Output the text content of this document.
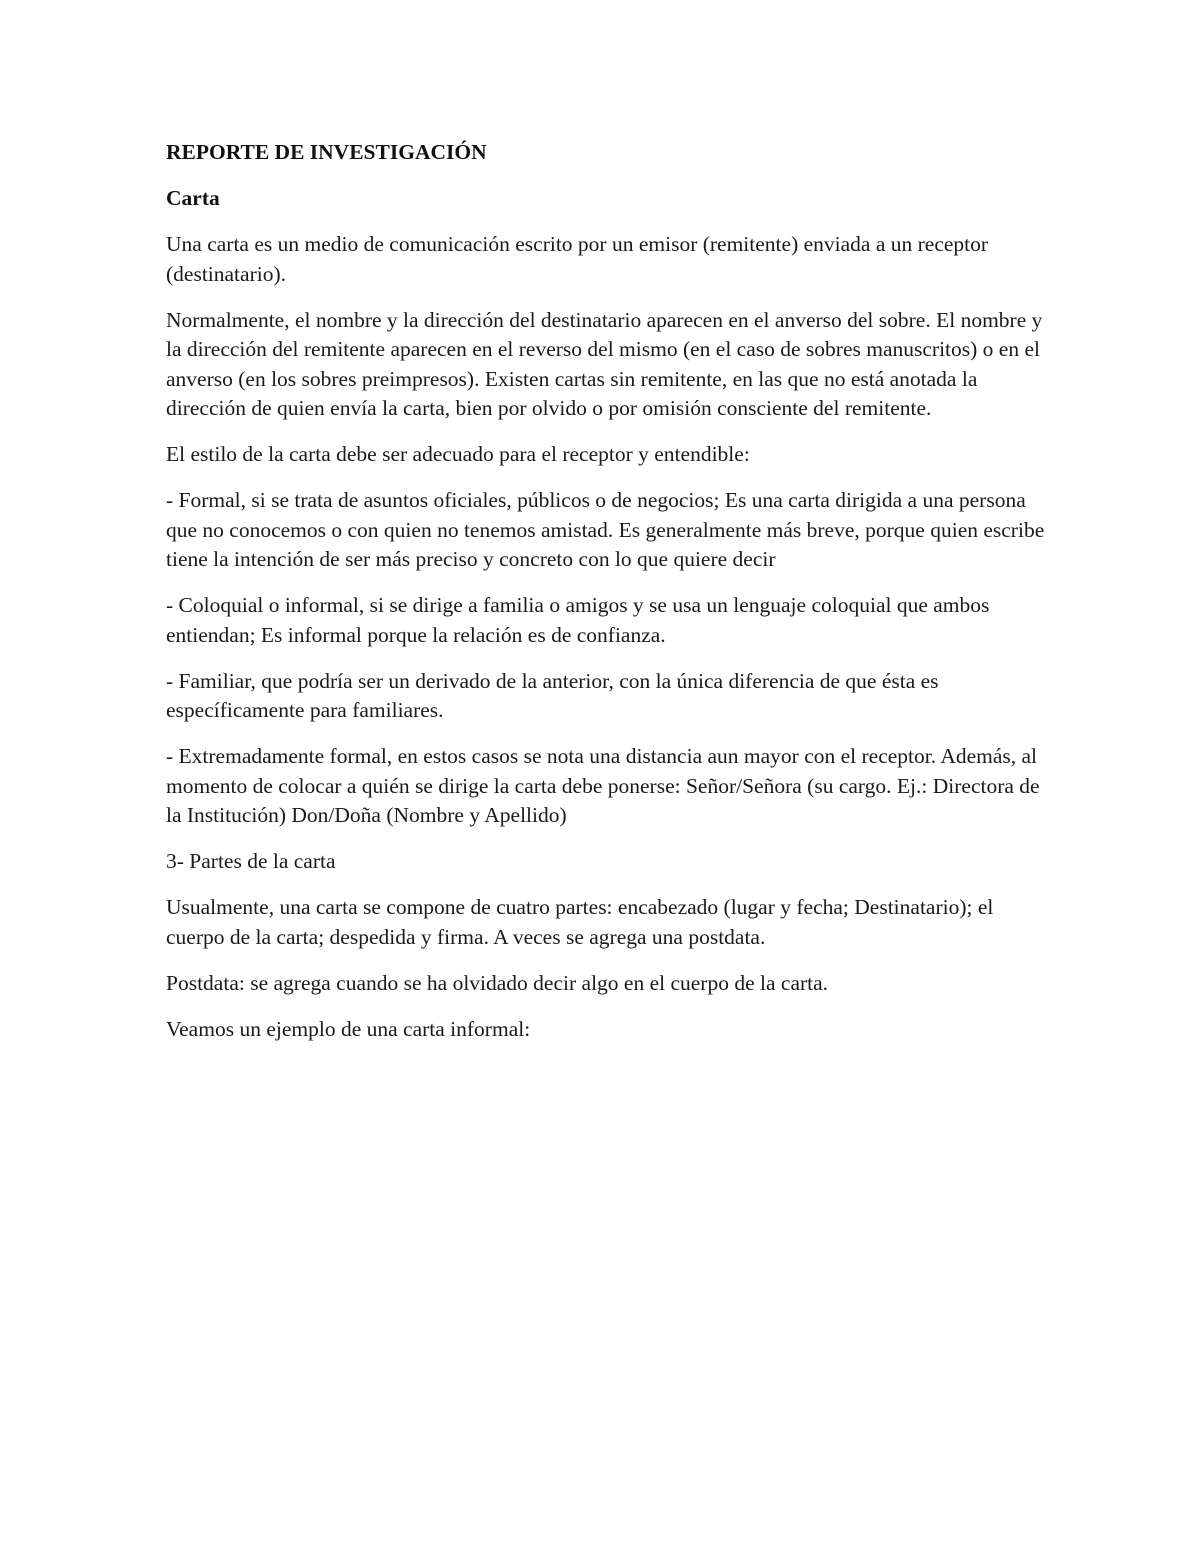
REPORTE DE INVESTIGACIÓN
Carta

Una carta es un medio de comunicación escrito por un emisor (remitente) enviada a un receptor (destinatario).

Normalmente, el nombre y la dirección del destinatario aparecen en el anverso del sobre. El nombre y la dirección del remitente aparecen en el reverso del mismo (en el caso de sobres manuscritos) o en el anverso (en los sobres preimpresos). Existen cartas sin remitente, en las que no está anotada la dirección de quien envía la carta, bien por olvido o por omisión consciente del remitente.

El estilo de la carta debe ser adecuado para el receptor y entendible:

- Formal, si se trata de asuntos oficiales, públicos o de negocios; Es una carta dirigida a una persona que no conocemos o con quien no tenemos amistad. Es generalmente más breve, porque quien escribe tiene la intención de ser más preciso y concreto con lo que quiere decir

- Coloquial o informal, si se dirige a familia o amigos y se usa un lenguaje coloquial que ambos entiendan; Es informal porque la relación es de confianza.

- Familiar, que podría ser un derivado de la anterior, con la única diferencia de que ésta es específicamente para familiares.

- Extremadamente formal, en estos casos se nota una distancia aun mayor con el receptor. Además, al momento de colocar a quién se dirige la carta debe ponerse: Señor/Señora (su cargo. Ej.: Directora de la Institución) Don/Doña (Nombre y Apellido)

3- Partes de la carta

Usualmente, una carta se compone de cuatro partes: encabezado (lugar y fecha; Destinatario); el cuerpo de la carta; despedida y firma. A veces se agrega una postdata.

Postdata: se agrega cuando se ha olvidado decir algo en el cuerpo de la carta.

Veamos un ejemplo de una carta informal:
